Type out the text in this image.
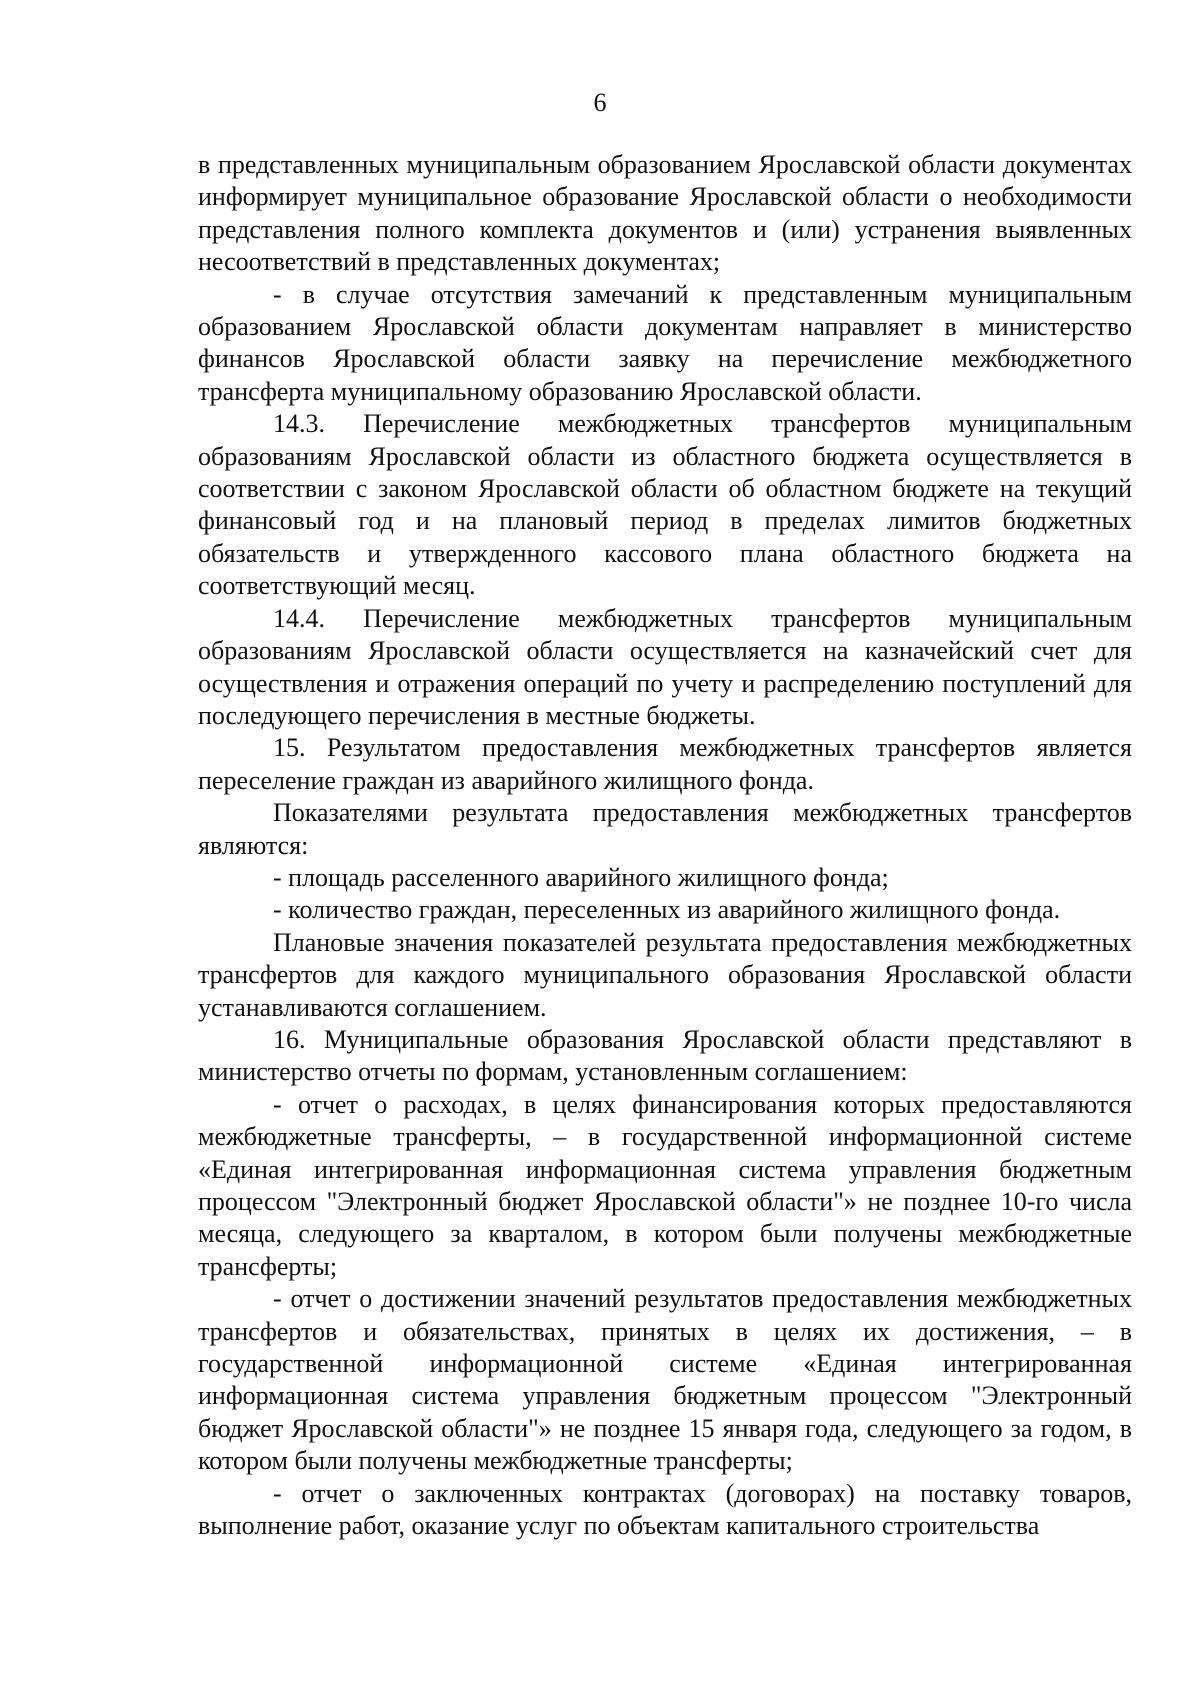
6

в представленных муниципальным образованием Ярославской области документах информирует муниципальное образование Ярославской области о необходимости представления полного комплекта документов и (или) устранения выявленных несоответствий в представленных документах;

- в случае отсутствия замечаний к представленным муниципальным образованием Ярославской области документам направляет в министерство финансов Ярославской области заявку на перечисление межбюджетного трансферта муниципальному образованию Ярославской области.

14.3. Перечисление межбюджетных трансфертов муниципальным образованиям Ярославской области из областного бюджета осуществляется в соответствии с законом Ярославской области об областном бюджете на текущий финансовый год и на плановый период в пределах лимитов бюджетных обязательств и утвержденного кассового плана областного бюджета на соответствующий месяц.

14.4. Перечисление межбюджетных трансфертов муниципальным образованиям Ярославской области осуществляется на казначейский счет для осуществления и отражения операций по учету и распределению поступлений для последующего перечисления в местные бюджеты.

15. Результатом предоставления межбюджетных трансфертов является переселение граждан из аварийного жилищного фонда.

Показателями результата предоставления межбюджетных трансфертов являются:

- площадь расселенного аварийного жилищного фонда;

- количество граждан, переселенных из аварийного жилищного фонда.

Плановые значения показателей результата предоставления межбюджетных трансфертов для каждого муниципального образования Ярославской области устанавливаются соглашением.

16. Муниципальные образования Ярославской области представляют в министерство отчеты по формам, установленным соглашением:

- отчет о расходах, в целях финансирования которых предоставляются межбюджетные трансферты, – в государственной информационной системе «Единая интегрированная информационная система управления бюджетным процессом "Электронный бюджет Ярославской области"» не позднее 10-го числа месяца, следующего за кварталом, в котором были получены межбюджетные трансферты;

- отчет о достижении значений результатов предоставления межбюджетных трансфертов и обязательствах, принятых в целях их достижения, – в государственной информационной системе «Единая интегрированная информационная система управления бюджетным процессом "Электронный бюджет Ярославской области"» не позднее 15 января года, следующего за годом, в котором были получены межбюджетные трансферты;

- отчет о заключенных контрактах (договорах) на поставку товаров, выполнение работ, оказание услуг по объектам капитального строительства
